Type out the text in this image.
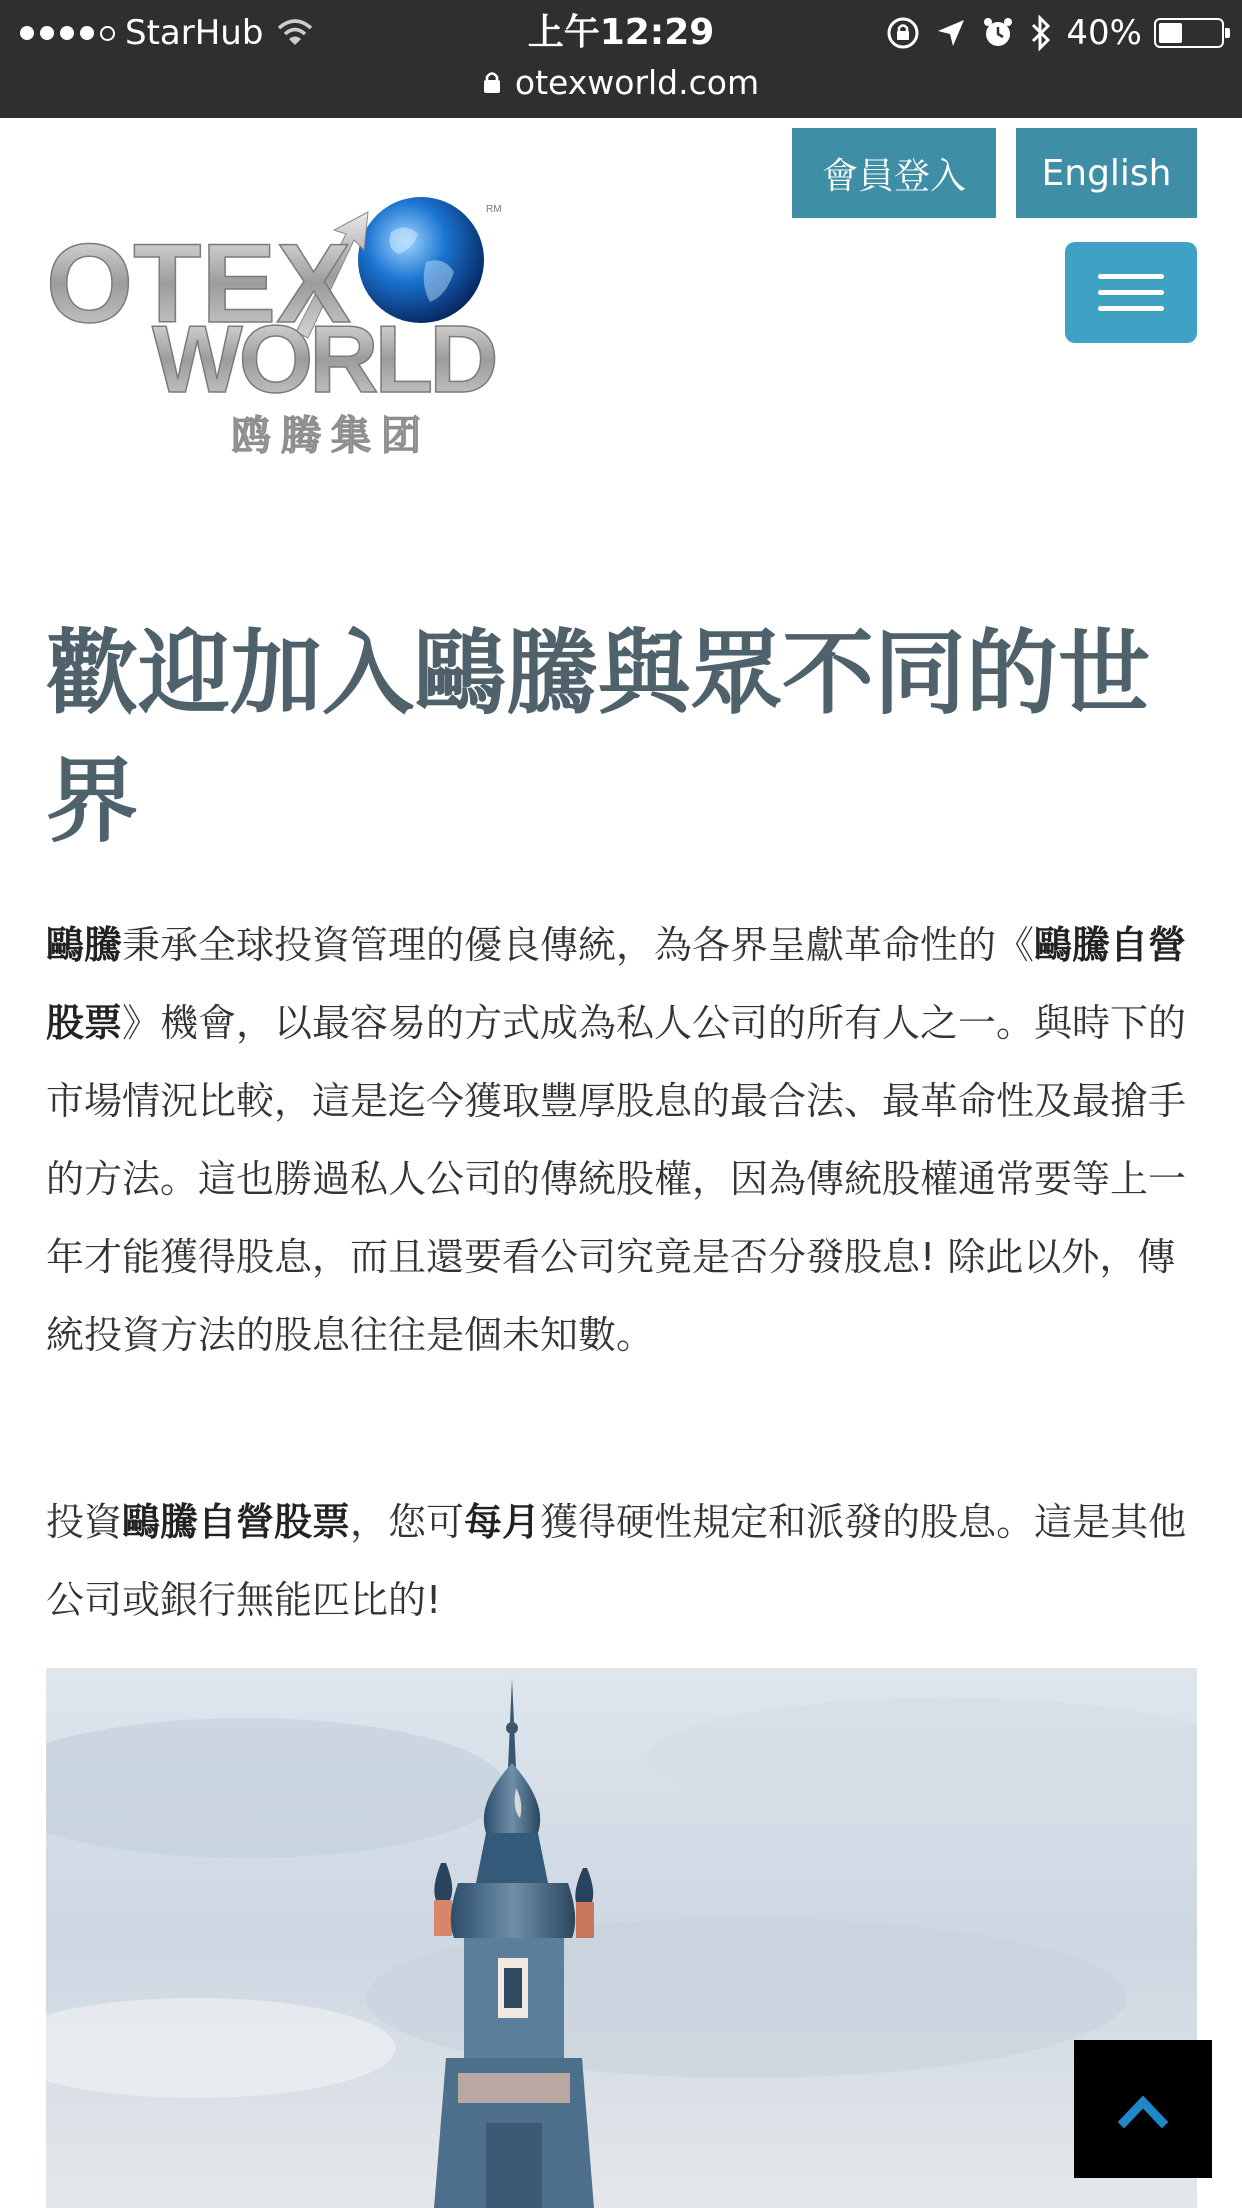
StarHub	上午12:29	40%
otexworld.com
會員登入	English
OTEX
WORLD
鸥腾集团
RM
歡迎加入鷗騰與眾不同的世界

鷗騰秉承全球投資管理的優良傳統，為各界呈獻革命性的《鷗騰自營股票》機會，以最容易的方式成為私人公司的所有人之一。與時下的市場情況比較，這是迄今獲取豐厚股息的最合法、最革命性及最搶手的方法。這也勝過私人公司的傳統股權，因為傳統股權通常要等上一年才能獲得股息，而且還要看公司究竟是否分發股息! 除此以外，傳統投資方法的股息往往是個未知數。

投資鷗騰自營股票，您可每月獲得硬性規定和派發的股息。這是其他公司或銀行無能匹比的!
